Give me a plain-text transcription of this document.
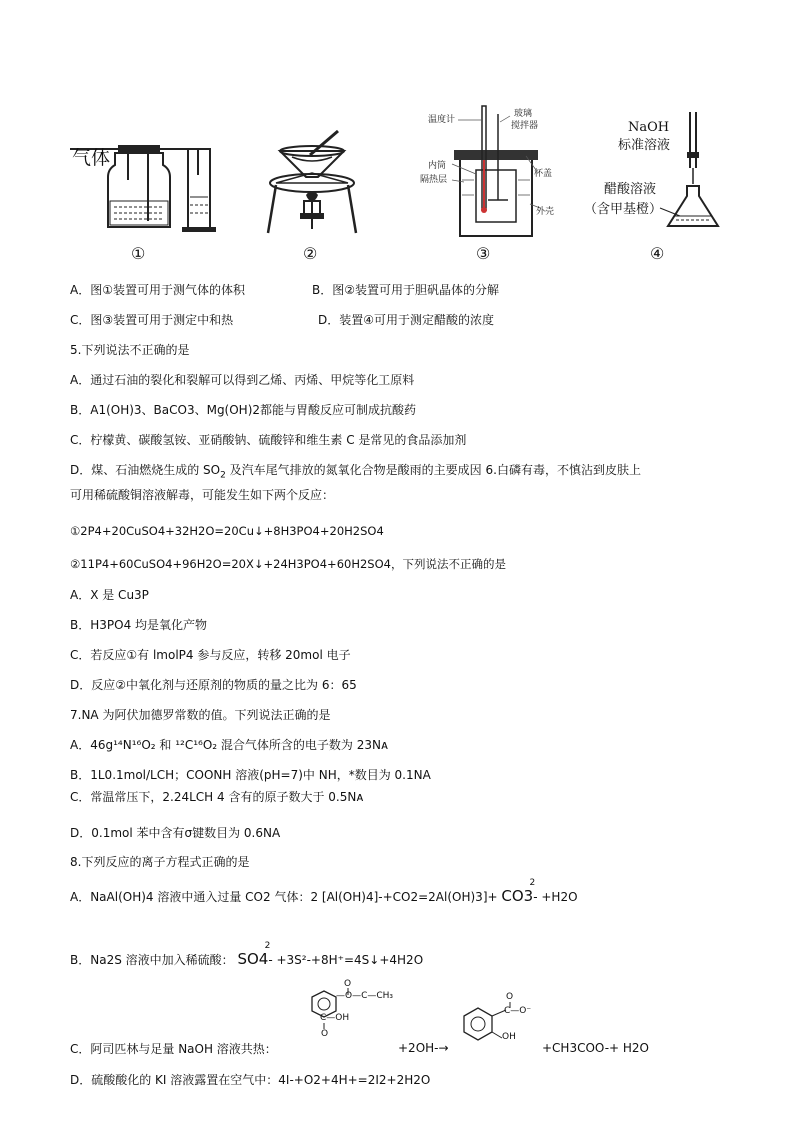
气体
①	②
温度计
玻璃
搅拌器
内筒
隔热层
杯盖
外壳
③
NaOH
标准溶液
醋酸溶液
（含甲基橙）
④
A．图①装置可用于测气体的体积	B．图②装置可用于胆矾晶体的分解
C．图③装置可用于测定中和热	D．装置④可用于测定醋酸的浓度
5.下列说法不正确的是
A．通过石油的裂化和裂解可以得到乙烯、丙烯、甲烷等化工原料
B．A1(OH)3、BaCO3、Mg(OH)2都能与胃酸反应可制成抗酸药
C．柠檬黄、碳酸氢铵、亚硝酸钠、硫酸锌和维生素 C 是常见的食品添加剂
D．煤、石油燃烧生成的 $SO_2$ 及汽车尾气排放的氮氧化合物是酸雨的主要成因 6.白磷有毒，不慎沾到皮肤上
可用稀硫酸铜溶液解毒，可能发生如下两个反应：
①2P4+20CuSO4+32H2O=20Cu↓+8H3PO4+20H2SO4
②11P4+60CuSO4+96H2O=20X↓+24H3PO4+60H2SO4，下列说法不正确的是
A．X 是 Cu3P
B．H3PO4 均是氧化产物
C．若反应①有 lmolP4 参与反应，转移 20mol 电子
D．反应②中氧化剂与还原剂的物质的量之比为 6：65
7.NA 为阿伏加德罗常数的值。下列说法正确的是
A．46g¹⁴N¹⁶O₂ 和 ¹²C¹⁶O₂ 混合气体所含的电子数为 23Nᴀ
B．1L0.1mol/LCH；COONH 溶液(pH=7)中 NH，*数目为 0.1NA
C．常温常压下，2.24LCH 4 含有的原子数大于 0.5Nᴀ
D．0.1mol 苯中含有σ键数目为 0.6NA
8.下列反应的离子方程式正确的是
A．NaAl(OH)4 溶液中通入过量 CO2 气体：2 [Al(OH)4]-+CO2=2Al(OH)3]+ CO3
2
- +H2O
B．Na2S 溶液中加入稀硫酸： SO4
2
- +3S²-+8H⁺=4S↓+4H2O
C．阿司匹林与足量 NaOH 溶液共热：
O
—O—C—CH₃
C—OH
O
+2OH-→
O
C—O⁻
OH
+CH3COO-+ H2O
D．硫酸酸化的 KI 溶液露置在空气中：4I-+O2+4H+=2I2+2H2O
